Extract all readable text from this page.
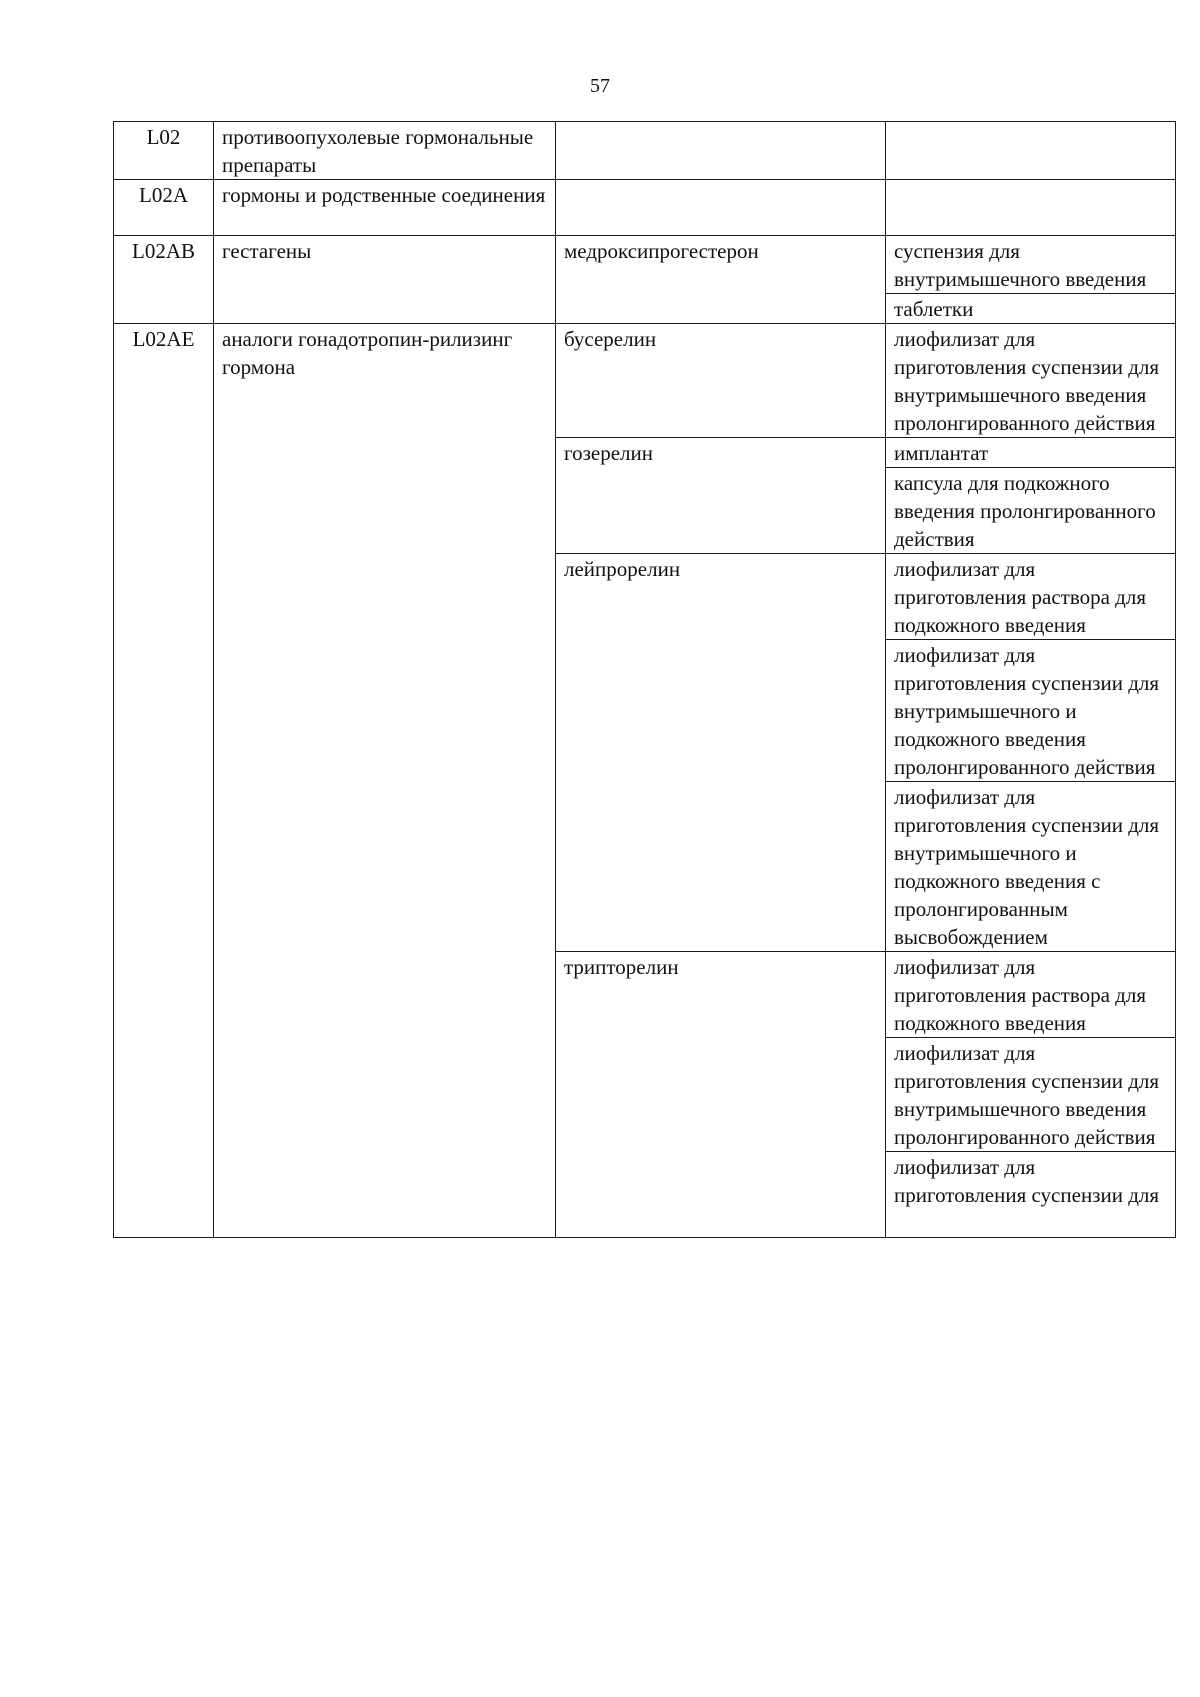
57
L02	противоопухолевые гормональные препараты		
L02A	гормоны и родственные соединения		
L02AB	гестагены	медроксипрогестерон	суспензия для внутримышечного введения
			таблетки
L02AE	аналоги гонадотропин-рилизинг гормона	бусерелин	лиофилизат для приготовления суспензии для внутримышечного введения пролонгированного действия
		гозерелин	имплантат
			капсула для подкожного введения пролонгированного действия
		лейпрорелин	лиофилизат для приготовления раствора для подкожного введения
			лиофилизат для приготовления суспензии для внутримышечного и подкожного введения пролонгированного действия
			лиофилизат для приготовления суспензии для внутримышечного и подкожного введения с пролонгированным высвобождением
		трипторелин	лиофилизат для приготовления раствора для подкожного введения
			лиофилизат для приготовления суспензии для внутримышечного введения пролонгированного действия
			лиофилизат для приготовления суспензии для
